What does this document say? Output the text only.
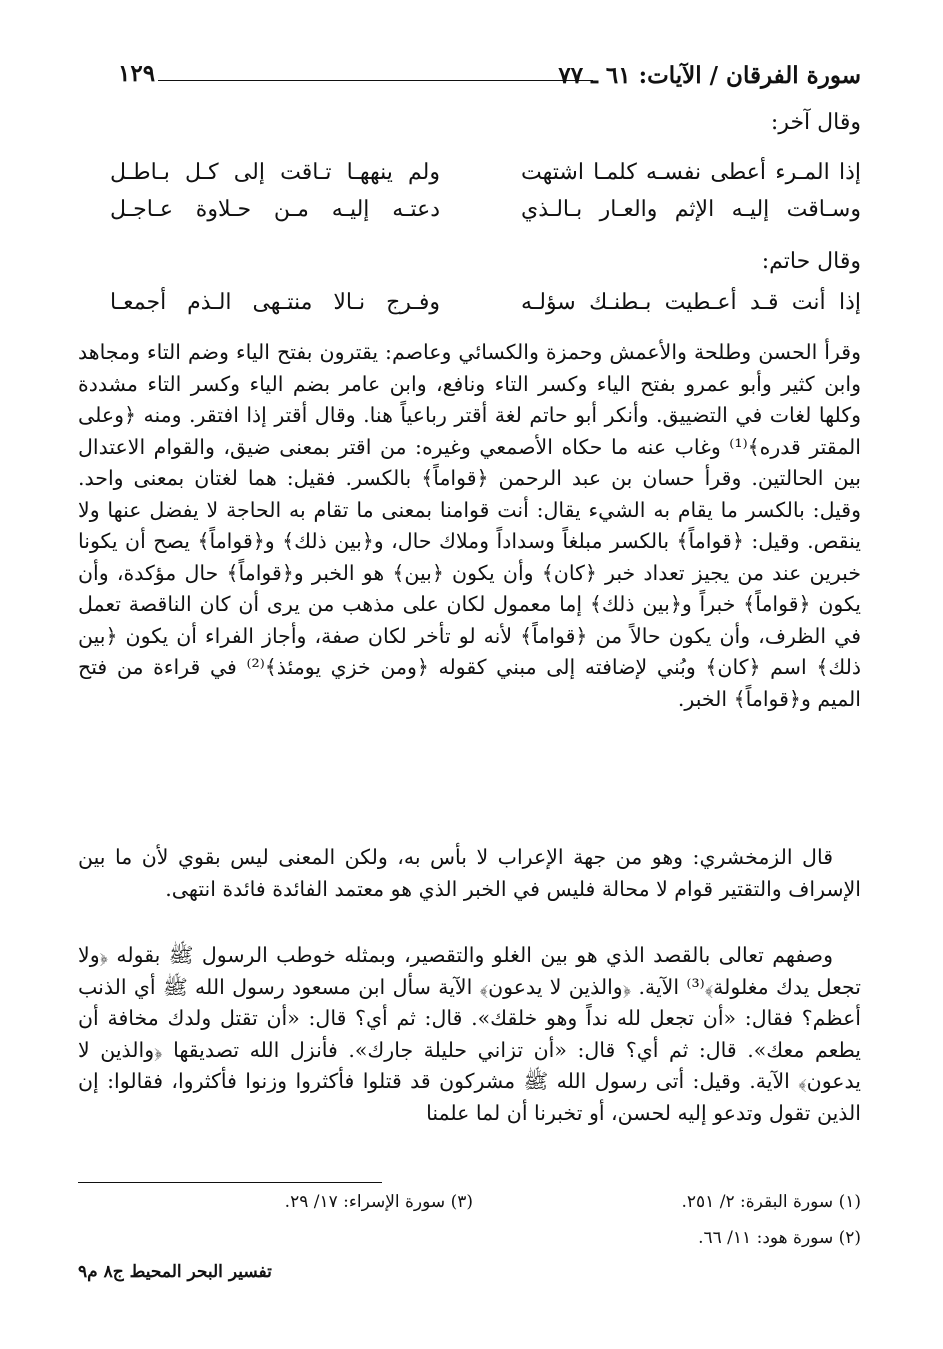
سورة الفرقان / الآيات: ٦١ ـ ٧٧
١٢٩
وقال آخر:
إذا المـرء أعطى نفسـه كلمـا اشتهت
ولم ينههـا تـاقت إلى كـل بـاطـل
وسـاقت إليـه الإثم والعـار بـالـذي
دعتـه إليـه مـن حـلاوة عـاجـل
وقال حاتم:
إذا أنت قـد أعـطيت بـطنـك سؤلـه
وفـرج نـالا منتـهى الـذم أجمعـا

وقرأ الحسن وطلحة والأعمش وحمزة والكسائي وعاصم: يقترون بفتح الياء وضم التاء ومجاهد وابن كثير وأبو عمرو بفتح الياء وكسر التاء ونافع، وابن عامر بضم الياء وكسر التاء مشددة وكلها لغات في التضييق. وأنكر أبو حاتم لغة أقتر رباعياً هنا. وقال أقتر إذا افتقر. ومنه ﴿وعلى المقتر قدره﴾⁽¹⁾ وغاب عنه ما حكاه الأصمعي وغيره: من اقتر بمعنى ضيق، والقوام الاعتدال بين الحالتين. وقرأ حسان بن عبد الرحمن ﴿قواماً﴾ بالكسر. فقيل: هما لغتان بمعنى واحد. وقيل: بالكسر ما يقام به الشيء يقال: أنت قوامنا بمعنى ما تقام به الحاجة لا يفضل عنها ولا ينقص. وقيل: ﴿قواماً﴾ بالكسر مبلغاً وسداداً وملاك حال، و﴿بين ذلك﴾ و﴿قواماً﴾ يصح أن يكونا خبرين عند من يجيز تعداد خبر ﴿كان﴾ وأن يكون ﴿بين﴾ هو الخبر و﴿قواماً﴾ حال مؤكدة، وأن يكون ﴿قواماً﴾ خبراً و﴿بين ذلك﴾ إما معمول لكان على مذهب من يرى أن كان الناقصة تعمل في الظرف، وأن يكون حالاً من ﴿قواماً﴾ لأنه لو تأخر لكان صفة، وأجاز الفراء أن يكون ﴿بين ذلك﴾ اسم ﴿كان﴾ وبُني لإضافته إلى مبني كقوله ﴿ومن خزي يومئذ﴾⁽²⁾ في قراءة من فتح الميم و﴿قواماً﴾ الخبر.

قال الزمخشري: وهو من جهة الإعراب لا بأس به، ولكن المعنى ليس بقوي لأن ما بين الإسراف والتقتير قوام لا محالة فليس في الخبر الذي هو معتمد الفائدة فائدة انتهى.

وصفهم تعالى بالقصد الذي هو بين الغلو والتقصير، وبمثله خوطب الرسول ﷺ بقوله ﴿ولا تجعل يدك مغلولة﴾⁽³⁾ الآية. ﴿والذين لا يدعون﴾ الآية سأل ابن مسعود رسول الله ﷺ أي الذنب أعظم؟ فقال: «أن تجعل لله نداً وهو خلقك». قال: ثم أي؟ قال: «أن تقتل ولدك مخافة أن يطعم معك». قال: ثم أي؟ قال: «أن تزاني حليلة جارك». فأنزل الله تصديقها ﴿والذين لا يدعون﴾ الآية. وقيل: أتى رسول الله ﷺ مشركون قد قتلوا فأكثروا وزنوا فأكثروا، فقالوا: إن الذين تقول وتدعو إليه لحسن، أو تخبرنا أن لما علمنا

(١) سورة البقرة: ٢/ ٢٥١.
(٢) سورة هود: ١١/ ٦٦.
(٣) سورة الإسراء: ١٧/ ٢٩.
تفسير البحر المحيط ج٨ م٩
